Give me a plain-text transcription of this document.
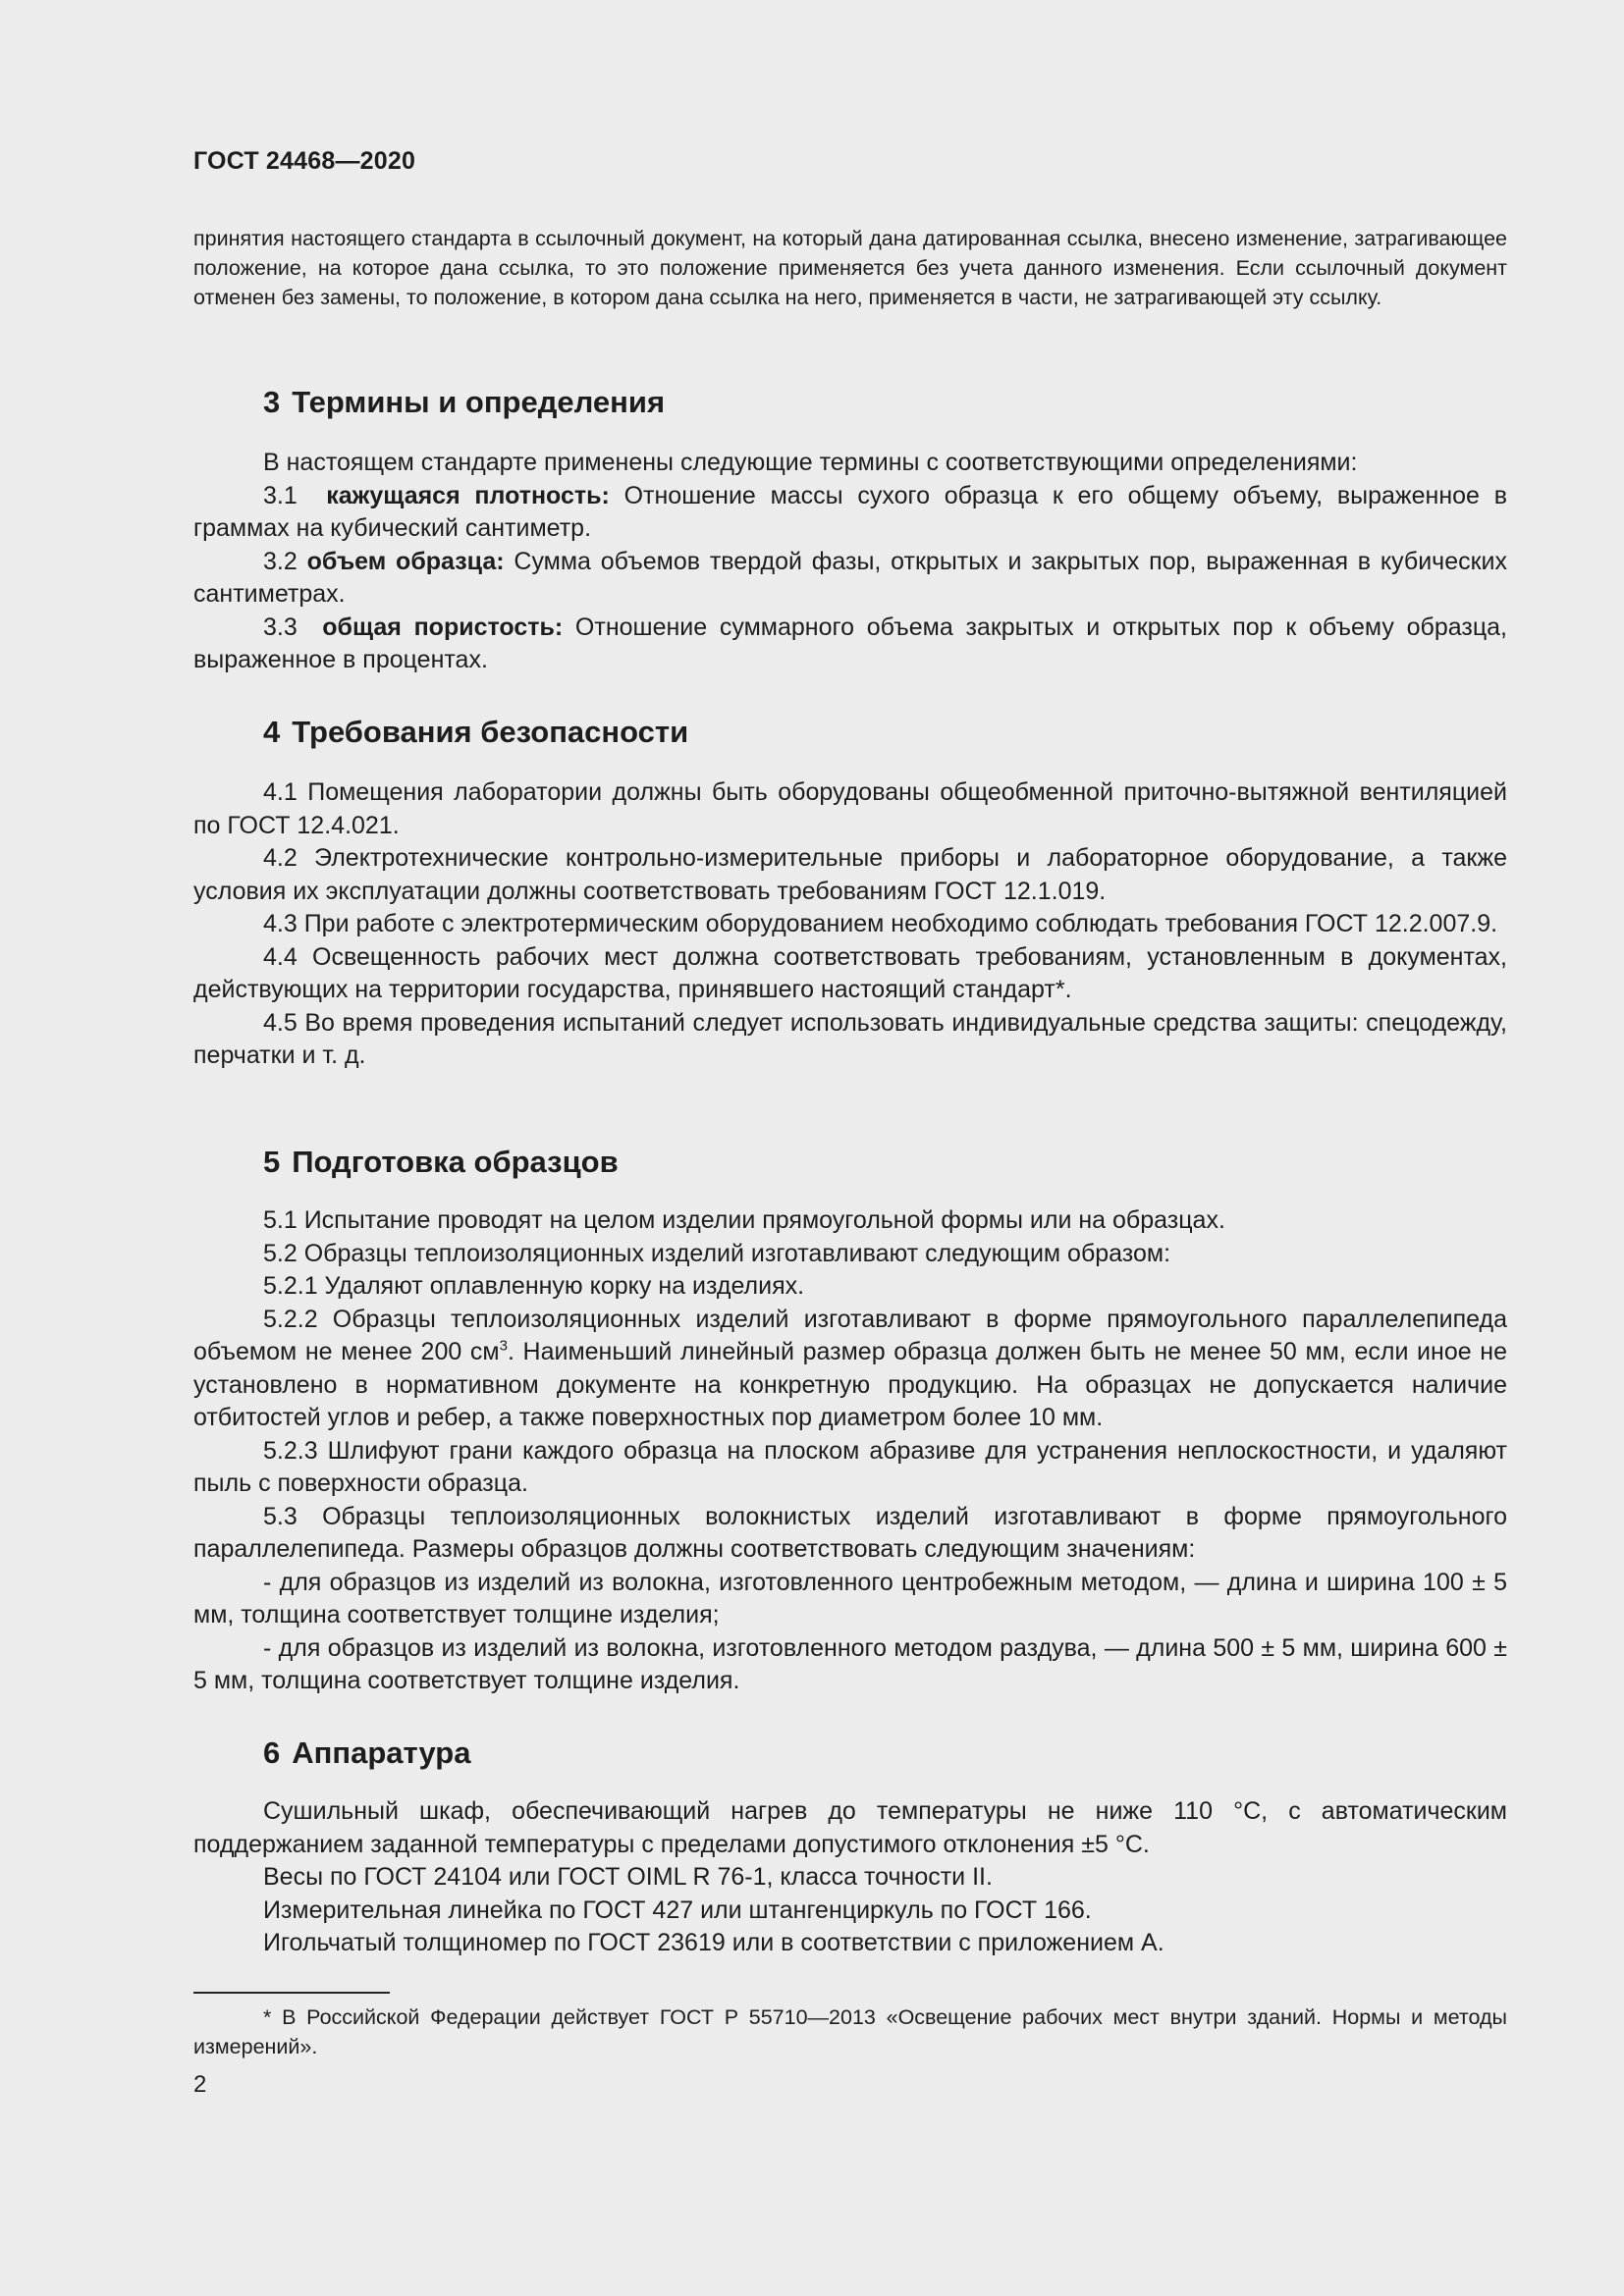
ГОСТ 24468—2020
принятия настоящего стандарта в ссылочный документ, на который дана датированная ссылка, внесено изменение, затрагивающее положение, на которое дана ссылка, то это положение применяется без учета данного изменения. Если ссылочный документ отменен без замены, то положение, в котором дана ссылка на него, применяется в части, не затрагивающей эту ссылку.
3 Термины и определения

В настоящем стандарте применены следующие термины с соответствующими определениями:

3.1 кажущаяся плотность: Отношение массы сухого образца к его общему объему, выраженное в граммах на кубический сантиметр.

3.2 объем образца: Сумма объемов твердой фазы, открытых и закрытых пор, выраженная в кубических сантиметрах.

3.3 общая пористость: Отношение суммарного объема закрытых и открытых пор к объему образца, выраженное в процентах.

4 Требования безопасности

4.1 Помещения лаборатории должны быть оборудованы общеобменной приточно-вытяжной вентиляцией по ГОСТ 12.4.021.

4.2 Электротехнические контрольно-измерительные приборы и лабораторное оборудование, а также условия их эксплуатации должны соответствовать требованиям ГОСТ 12.1.019.

4.3 При работе с электротермическим оборудованием необходимо соблюдать требования ГОСТ 12.2.007.9.

4.4 Освещенность рабочих мест должна соответствовать требованиям, установленным в документах, действующих на территории государства, принявшего настоящий стандарт*.

4.5 Во время проведения испытаний следует использовать индивидуальные средства защиты: спецодежду, перчатки и т. д.

5 Подготовка образцов

5.1 Испытание проводят на целом изделии прямоугольной формы или на образцах.

5.2 Образцы теплоизоляционных изделий изготавливают следующим образом:

5.2.1 Удаляют оплавленную корку на изделиях.

5.2.2 Образцы теплоизоляционных изделий изготавливают в форме прямоугольного параллелепипеда объемом не менее 200 $см^3$. Наименьший линейный размер образца должен быть не менее 50 мм, если иное не установлено в нормативном документе на конкретную продукцию. На образцах не допускается наличие отбитостей углов и ребер, а также поверхностных пор диаметром более 10 мм.

5.2.3 Шлифуют грани каждого образца на плоском абразиве для устранения неплоскостности, и удаляют пыль с поверхности образца.

5.3 Образцы теплоизоляционных волокнистых изделий изготавливают в форме прямоугольного параллелепипеда. Размеры образцов должны соответствовать следующим значениям:

- для образцов из изделий из волокна, изготовленного центробежным методом, — длина и ширина 100 ± 5 мм, толщина соответствует толщине изделия;

- для образцов из изделий из волокна, изготовленного методом раздува, — длина 500 ± 5 мм, ширина 600 ± 5 мм, толщина соответствует толщине изделия.

6 Аппаратура

Сушильный шкаф, обеспечивающий нагрев до температуры не ниже 110 °С, с автоматическим поддержанием заданной температуры с пределами допустимого отклонения ±5 °С.

Весы по ГОСТ 24104 или ГОСТ OIML R 76-1, класса точности II.

Измерительная линейка по ГОСТ 427 или штангенциркуль по ГОСТ 166.

Игольчатый толщиномер по ГОСТ 23619 или в соответствии с приложением А.

* В Российской Федерации действует ГОСТ Р 55710—2013 «Освещение рабочих мест внутри зданий. Нормы и методы измерений».

2
